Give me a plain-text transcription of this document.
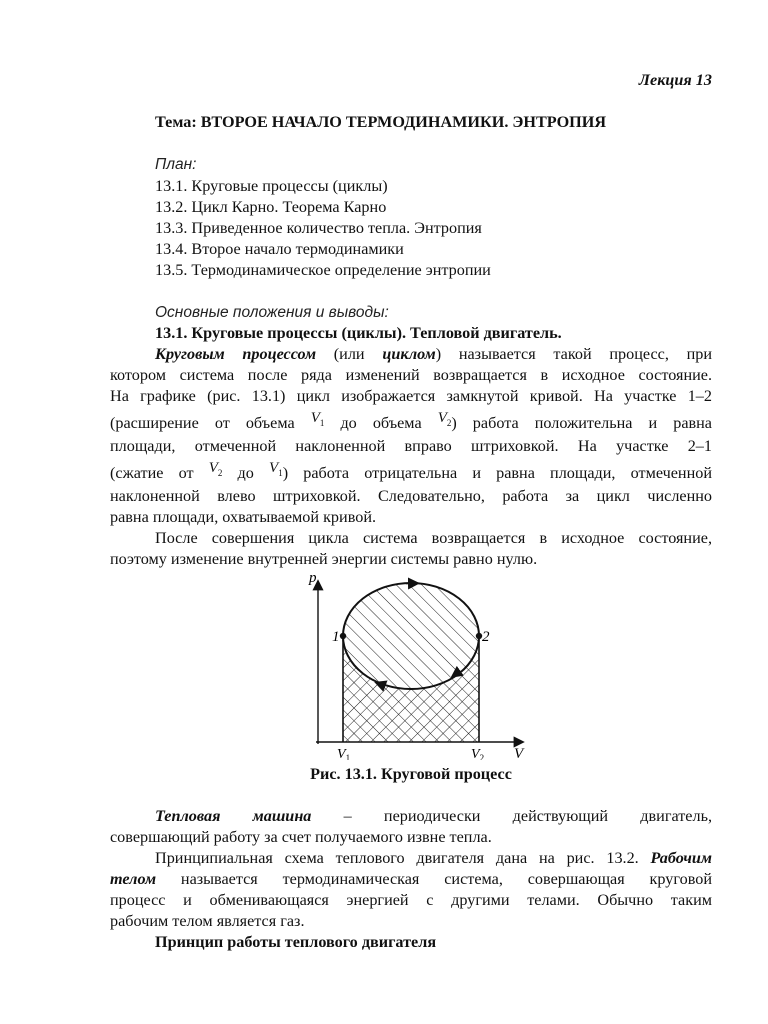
Лекция 13
Тема: ВТОРОЕ НАЧАЛО ТЕРМОДИНАМИКИ. ЭНТРОПИЯ
План:
13.1. Круговые процессы (циклы)
13.2. Цикл Карно. Теорема Карно
13.3. Приведенное количество тепла. Энтропия
13.4. Второе начало термодинамики
13.5. Термодинамическое определение энтропии
Основные положения и выводы:
13.1. Круговые процессы (циклы). Тепловой двигатель.
Круговым процессом (или циклом) называется такой процесс, при
котором система после ряда изменений возвращается в исходное состояние.
На графике (рис. 13.1) цикл изображается замкнутой кривой. На участке 1–2
(расширение от объема $V_1$ до объема $V_2$) работа положительна и равна
площади, отмеченной наклоненной вправо штриховкой. На участке 2–1
(сжатие от $V_2$ до $V_1$) работа отрицательна и равна площади, отмеченной
наклоненной влево штриховкой. Следовательно, работа за цикл численно
равна площади, охватываемой кривой.
После совершения цикла система возвращается в исходное состояние,
поэтому изменение внутренней энергии системы равно нулю.
p
V
1	2
$V_1$	$V_2$
Рис. 13.1. Круговой процесс
Тепловая машина – периодически действующий двигатель,
совершающий работу за счет получаемого извне тепла.
Принципиальная схема теплового двигателя дана на рис. 13.2. Рабочим
телом называется термодинамическая система, совершающая круговой
процесс и обменивающаяся энергией с другими телами. Обычно таким
рабочим телом является газ.
Принцип работы теплового двигателя
